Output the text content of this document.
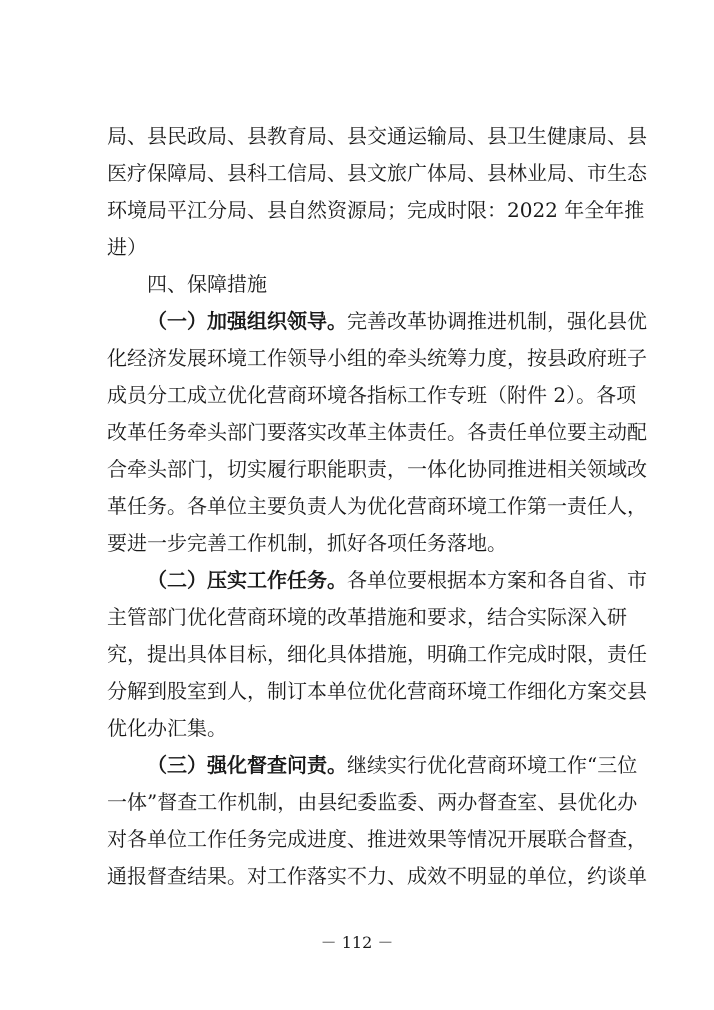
局、县民政局、县教育局、县交通运输局、县卫生健康局、县
医疗保障局、县科工信局、县文旅广体局、县林业局、市生态
环境局平江分局、县自然资源局；完成时限：2022 年全年推
进）
四、保障措施
（一）加强组织领导。完善改革协调推进机制，强化县优
化经济发展环境工作领导小组的牵头统筹力度，按县政府班子
成员分工成立优化营商环境各指标工作专班（附件 2）。各项
改革任务牵头部门要落实改革主体责任。各责任单位要主动配
合牵头部门，切实履行职能职责，一体化协同推进相关领域改
革任务。各单位主要负责人为优化营商环境工作第一责任人，
要进一步完善工作机制，抓好各项任务落地。
（二）压实工作任务。各单位要根据本方案和各自省、市
主管部门优化营商环境的改革措施和要求，结合实际深入研
究，提出具体目标，细化具体措施，明确工作完成时限，责任
分解到股室到人，制订本单位优化营商环境工作细化方案交县
优化办汇集。
（三）强化督查问责。继续实行优化营商环境工作“三位
一体”督查工作机制，由县纪委监委、两办督查室、县优化办
对各单位工作任务完成进度、推进效果等情况开展联合督查，
通报督查结果。对工作落实不力、成效不明显的单位，约谈单
－ 112 －
